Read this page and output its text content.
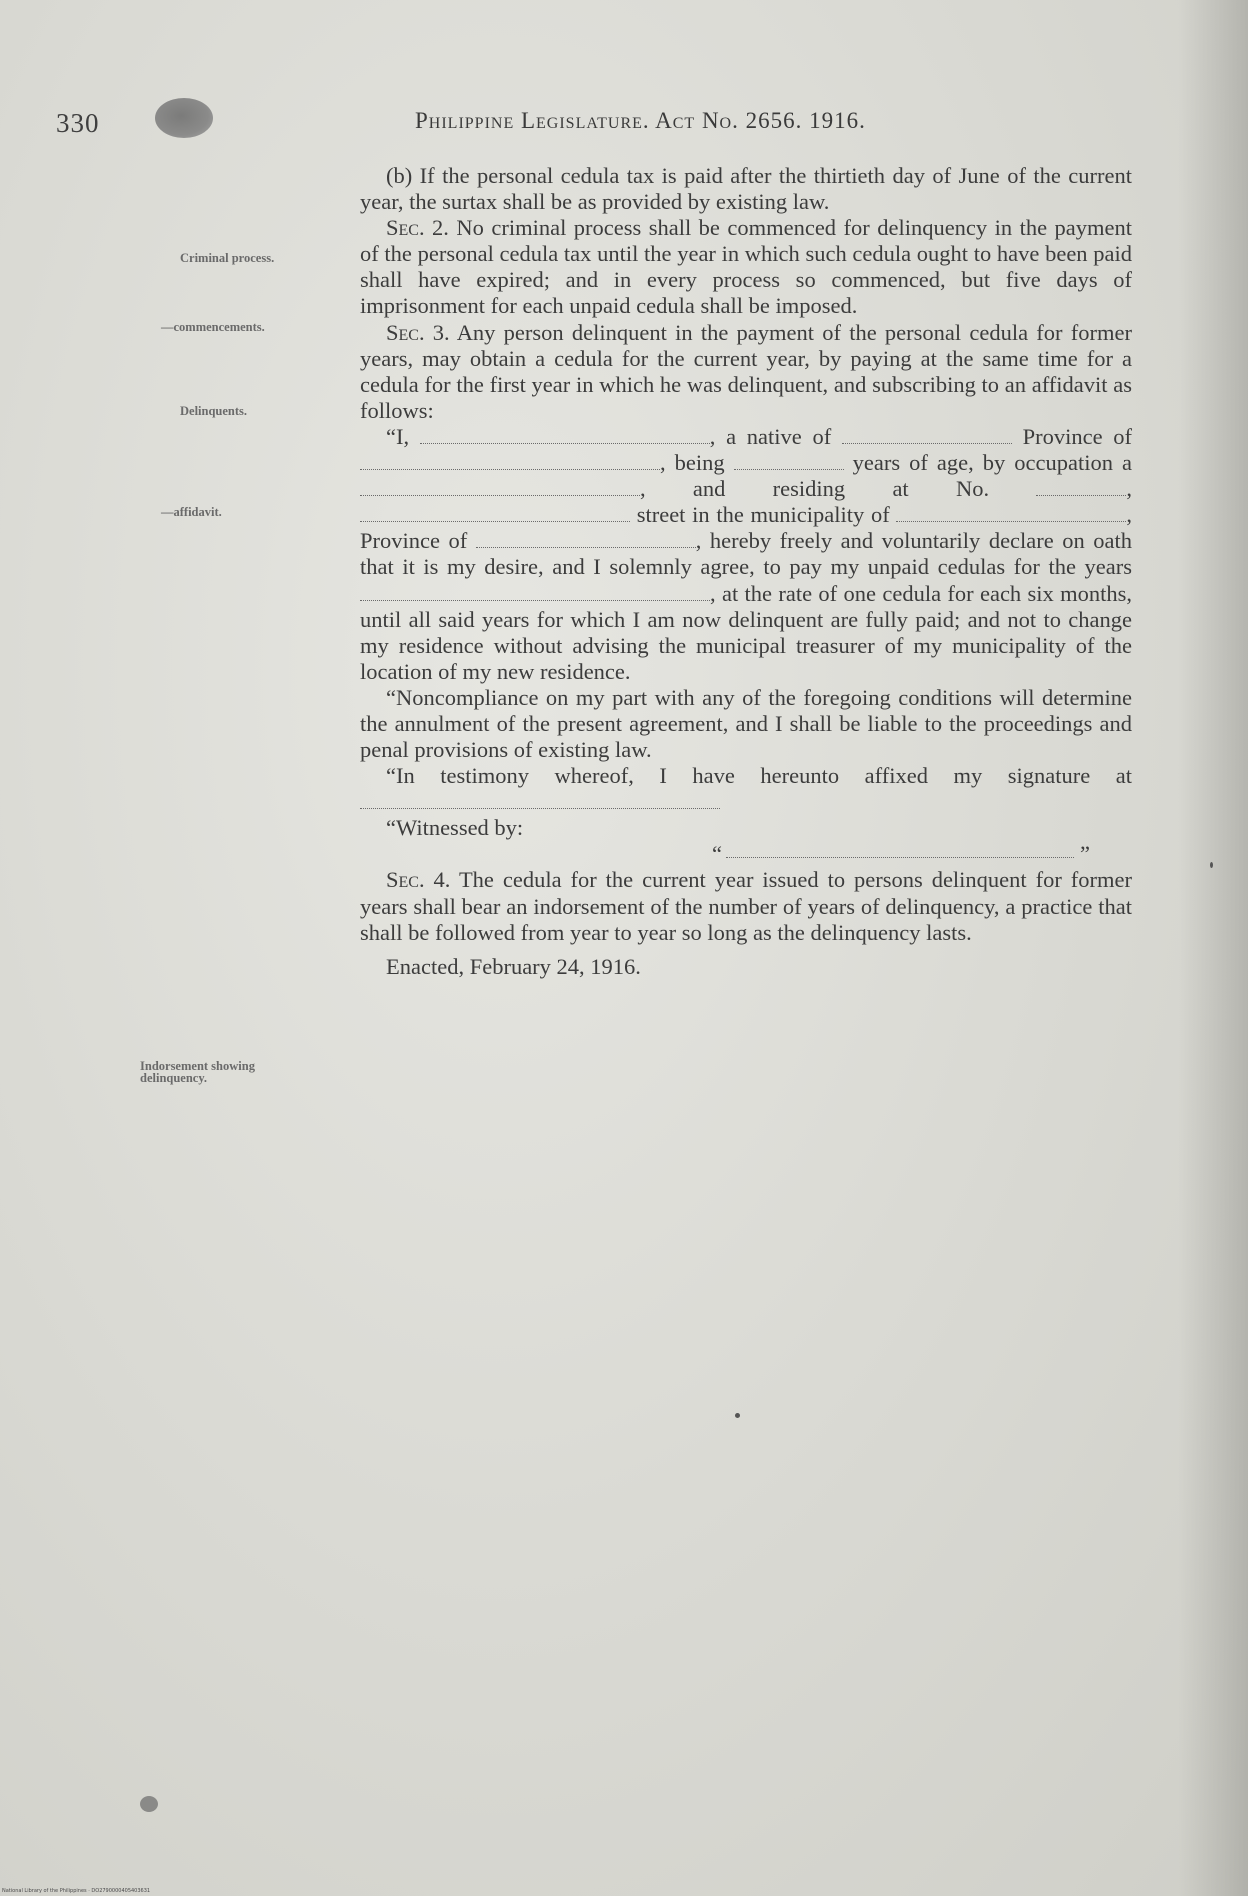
330	Philippine Legislature. Act No. 2656. 1916.
Criminal process.
—commencements.
Delinquents.
—affidavit.
Indorsement showing delinquency.

(b) If the personal cedula tax is paid after the thirtieth day of June of the current year, the surtax shall be as provided by existing law.

Sec. 2. No criminal process shall be commenced for delinquency in the payment of the personal cedula tax until the year in which such cedula ought to have been paid shall have expired; and in every process so commenced, but five days of imprisonment for each unpaid cedula shall be imposed.

Sec. 3. Any person delinquent in the payment of the personal cedula for former years, may obtain a cedula for the current year, by paying at the same time for a cedula for the first year in which he was delinquent, and subscribing to an affidavit as follows:

“I,	, a native of	Province of , being	years of age, by occupation a , and residing at No.	,  street in the municipality of	, Province of	, hereby freely and voluntarily declare on oath that it is my desire, and I solemnly agree, to pay my unpaid cedulas for the years , at the rate of one cedula for each six months, until all said years for which I am now delinquent are fully paid; and not to change my residence without advising the municipal treasurer of my municipality of the location of my new residence.

“Noncompliance on my part with any of the foregoing conditions will determine the annulment of the present agreement, and I shall be liable to the proceedings and penal provisions of existing law.

“In testimony whereof, I have hereunto affixed my signature at

“Witnessed by:

“	”

Sec. 4. The cedula for the current year issued to persons delinquent for former years shall bear an indorsement of the number of years of delinquency, a practice that shall be followed from year to year so long as the delinquency lasts.

Enacted, February 24, 1916.

National Library of the Philippines · DO2790000405403631
